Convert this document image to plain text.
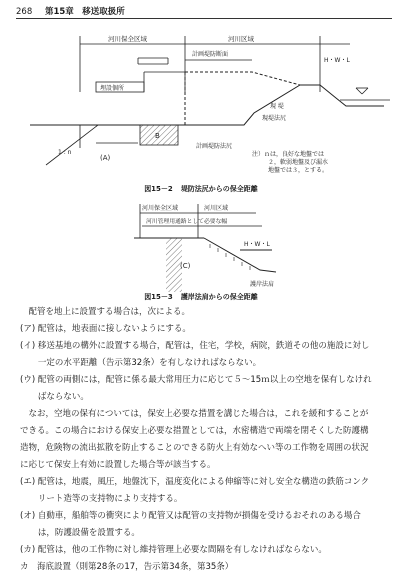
268 第15章　移送取扱所
河川保全区域	河川区域
H・W・L
計画堤防断面
埋設個所
B
現 堤
現堤法尻
計画堤防法尻
(A)
1 : n	注）ｎは，良好な地盤では
２，軟弱地盤及び漏水
地盤では３，とする。
図15－2 堤防法尻からの保全距離
河川保全区域	河川区域
河川管理用通路として必要な幅
H・W・L
(C)
護岸法肩
図15－3 護岸法肩からの保全距離

配管を地上に設置する場合は，次による。

(ア) 配管は，地表面に接しないようにする。

(イ) 移送基地の構外に設置する場合，配管は，住宅，学校，病院，鉄道その他の施設に対し一定の水平距離（告示第32条）を有しなければならない。

(ウ) 配管の両側には，配管に係る最大常用圧力に応じて５～15ｍ以上の空地を保有しなければならない。

なお，空地の保有については，保安上必要な措置を講じた場合は，これを緩和することができる。この場合における保安上必要な措置としては，水密構造で両端を閉そくした防護構造物，危険物の流出拡散を防止することのできる防火上有効なへい等の工作物を周囲の状況に応じて保安上有効に設置した場合等が該当する。

(エ) 配管は，地震，風圧，地盤沈下，温度変化による伸縮等に対し安全な構造の鉄筋コンクリート造等の支持物により支持する。

(オ) 自動車，船舶等の衝突により配管又は配管の支持物が損傷を受けるおそれのある場合は，防護設備を設置する。

(カ) 配管は，他の工作物に対し維持管理上必要な間隔を有しなければならない。

カ 海底設置（則第28条の17，告示第34条，第35条）
